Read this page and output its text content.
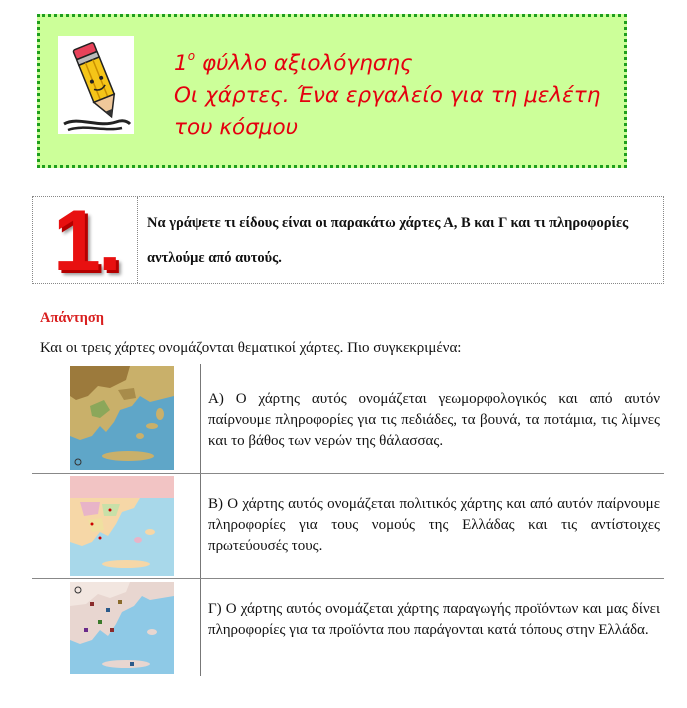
$1^o$ φύλλο αξιολόγησης
Οι χάρτες. Ένα εργαλείο για τη μελέτη
του κόσμου
1. Να γράψετε τι είδους είναι οι παρακάτω χάρτες Α, Β και Γ και τι πληροφορίες αντλούμε από αυτούς.
Απάντηση
Και οι τρεις χάρτες ονομάζονται θεματικοί χάρτες. Πιο συγκεκριμένα:
Α) Ο χάρτης αυτός ονομάζεται γεωμορφολογικός και από αυτόν παίρνουμε πληροφορίες για τις πεδιάδες, τα βουνά, τα ποτάμια, τις λίμνες και το βάθος των νερών της θάλασσας.
Β) Ο χάρτης αυτός ονομάζεται πολιτικός χάρτης και από αυτόν παίρνουμε πληροφορίες για τους νομούς της Ελλάδας και τις αντίστοιχες πρωτεύουσές τους.
Γ) Ο χάρτης αυτός ονομάζεται χάρτης παραγωγής προϊόντων και μας δίνει πληροφορίες για τα προϊόντα που παράγονται κατά τόπους στην Ελλάδα.
